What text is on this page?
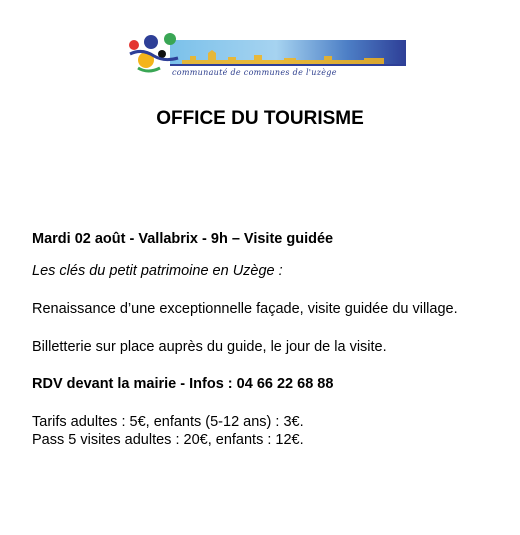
communauté de communes de l'uzège
OFFICE DU TOURISME

Mardi 02 août - Vallabrix - 9h – Visite guidée

Les clés du petit patrimoine en Uzège :

Renaissance d’une exceptionnelle façade, visite guidée du village.

Billetterie sur place auprès du guide, le jour de la visite.

RDV devant la mairie - Infos : 04 66 22 68 88

Tarifs adultes : 5€, enfants (5-12 ans) : 3€.
Pass 5 visites adultes : 20€, enfants : 12€.
